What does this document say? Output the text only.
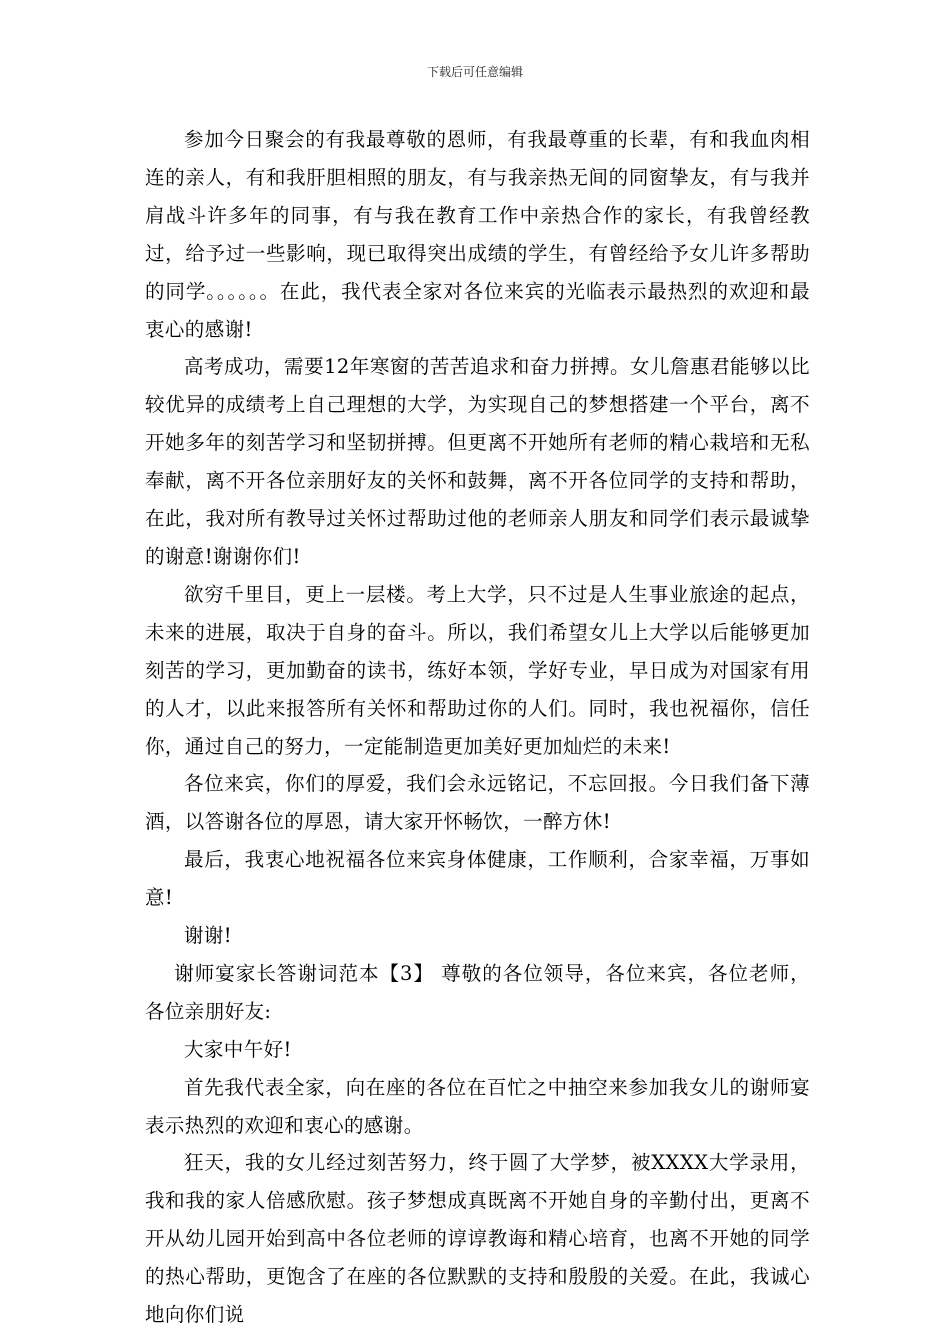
下载后可任意编辑

参加今日聚会的有我最尊敬的恩师，有我最尊重的长辈，有和我血肉相连的亲人，有和我肝胆相照的朋友，有与我亲热无间的同窗挚友，有与我并肩战斗许多年的同事，有与我在教育工作中亲热合作的家长，有我曾经教过，给予过一些影响，现已取得突出成绩的学生，有曾经给予女儿许多帮助的同学。。。。。。在此，我代表全家对各位来宾的光临表示最热烈的欢迎和最衷心的感谢!

高考成功，需要12年寒窗的苦苦追求和奋力拼搏。女儿詹惠君能够以比较优异的成绩考上自己理想的大学，为实现自己的梦想搭建一个平台，离不开她多年的刻苦学习和坚韧拼搏。但更离不开她所有老师的精心栽培和无私奉献，离不开各位亲朋好友的关怀和鼓舞，离不开各位同学的支持和帮助，在此，我对所有教导过关怀过帮助过他的老师亲人朋友和同学们表示最诚挚的谢意!谢谢你们!

欲穷千里目，更上一层楼。考上大学，只不过是人生事业旅途的起点，未来的进展，取决于自身的奋斗。所以，我们希望女儿上大学以后能够更加刻苦的学习，更加勤奋的读书，练好本领，学好专业，早日成为对国家有用的人才，以此来报答所有关怀和帮助过你的人们。同时，我也祝福你，信任你，通过自己的努力，一定能制造更加美好更加灿烂的未来!

各位来宾，你们的厚爱，我们会永远铭记，不忘回报。今日我们备下薄酒，以答谢各位的厚恩，请大家开怀畅饮，一醉方休!

最后，我衷心地祝福各位来宾身体健康，工作顺利，合家幸福，万事如意!

谢谢!

谢师宴家长答谢词范本【3】 尊敬的各位领导，各位来宾，各位老师，各位亲朋好友:

大家中午好!

首先我代表全家，向在座的各位在百忙之中抽空来参加我女儿的谢师宴表示热烈的欢迎和衷心的感谢。

狂天，我的女儿经过刻苦努力，终于圆了大学梦，被XXXX大学录用，我和我的家人倍感欣慰。孩子梦想成真既离不开她自身的辛勤付出，更离不开从幼儿园开始到高中各位老师的谆谆教诲和精心培育，也离不开她的同学的热心帮助，更饱含了在座的各位默默的支持和殷殷的关爱。在此，我诚心地向你们说
